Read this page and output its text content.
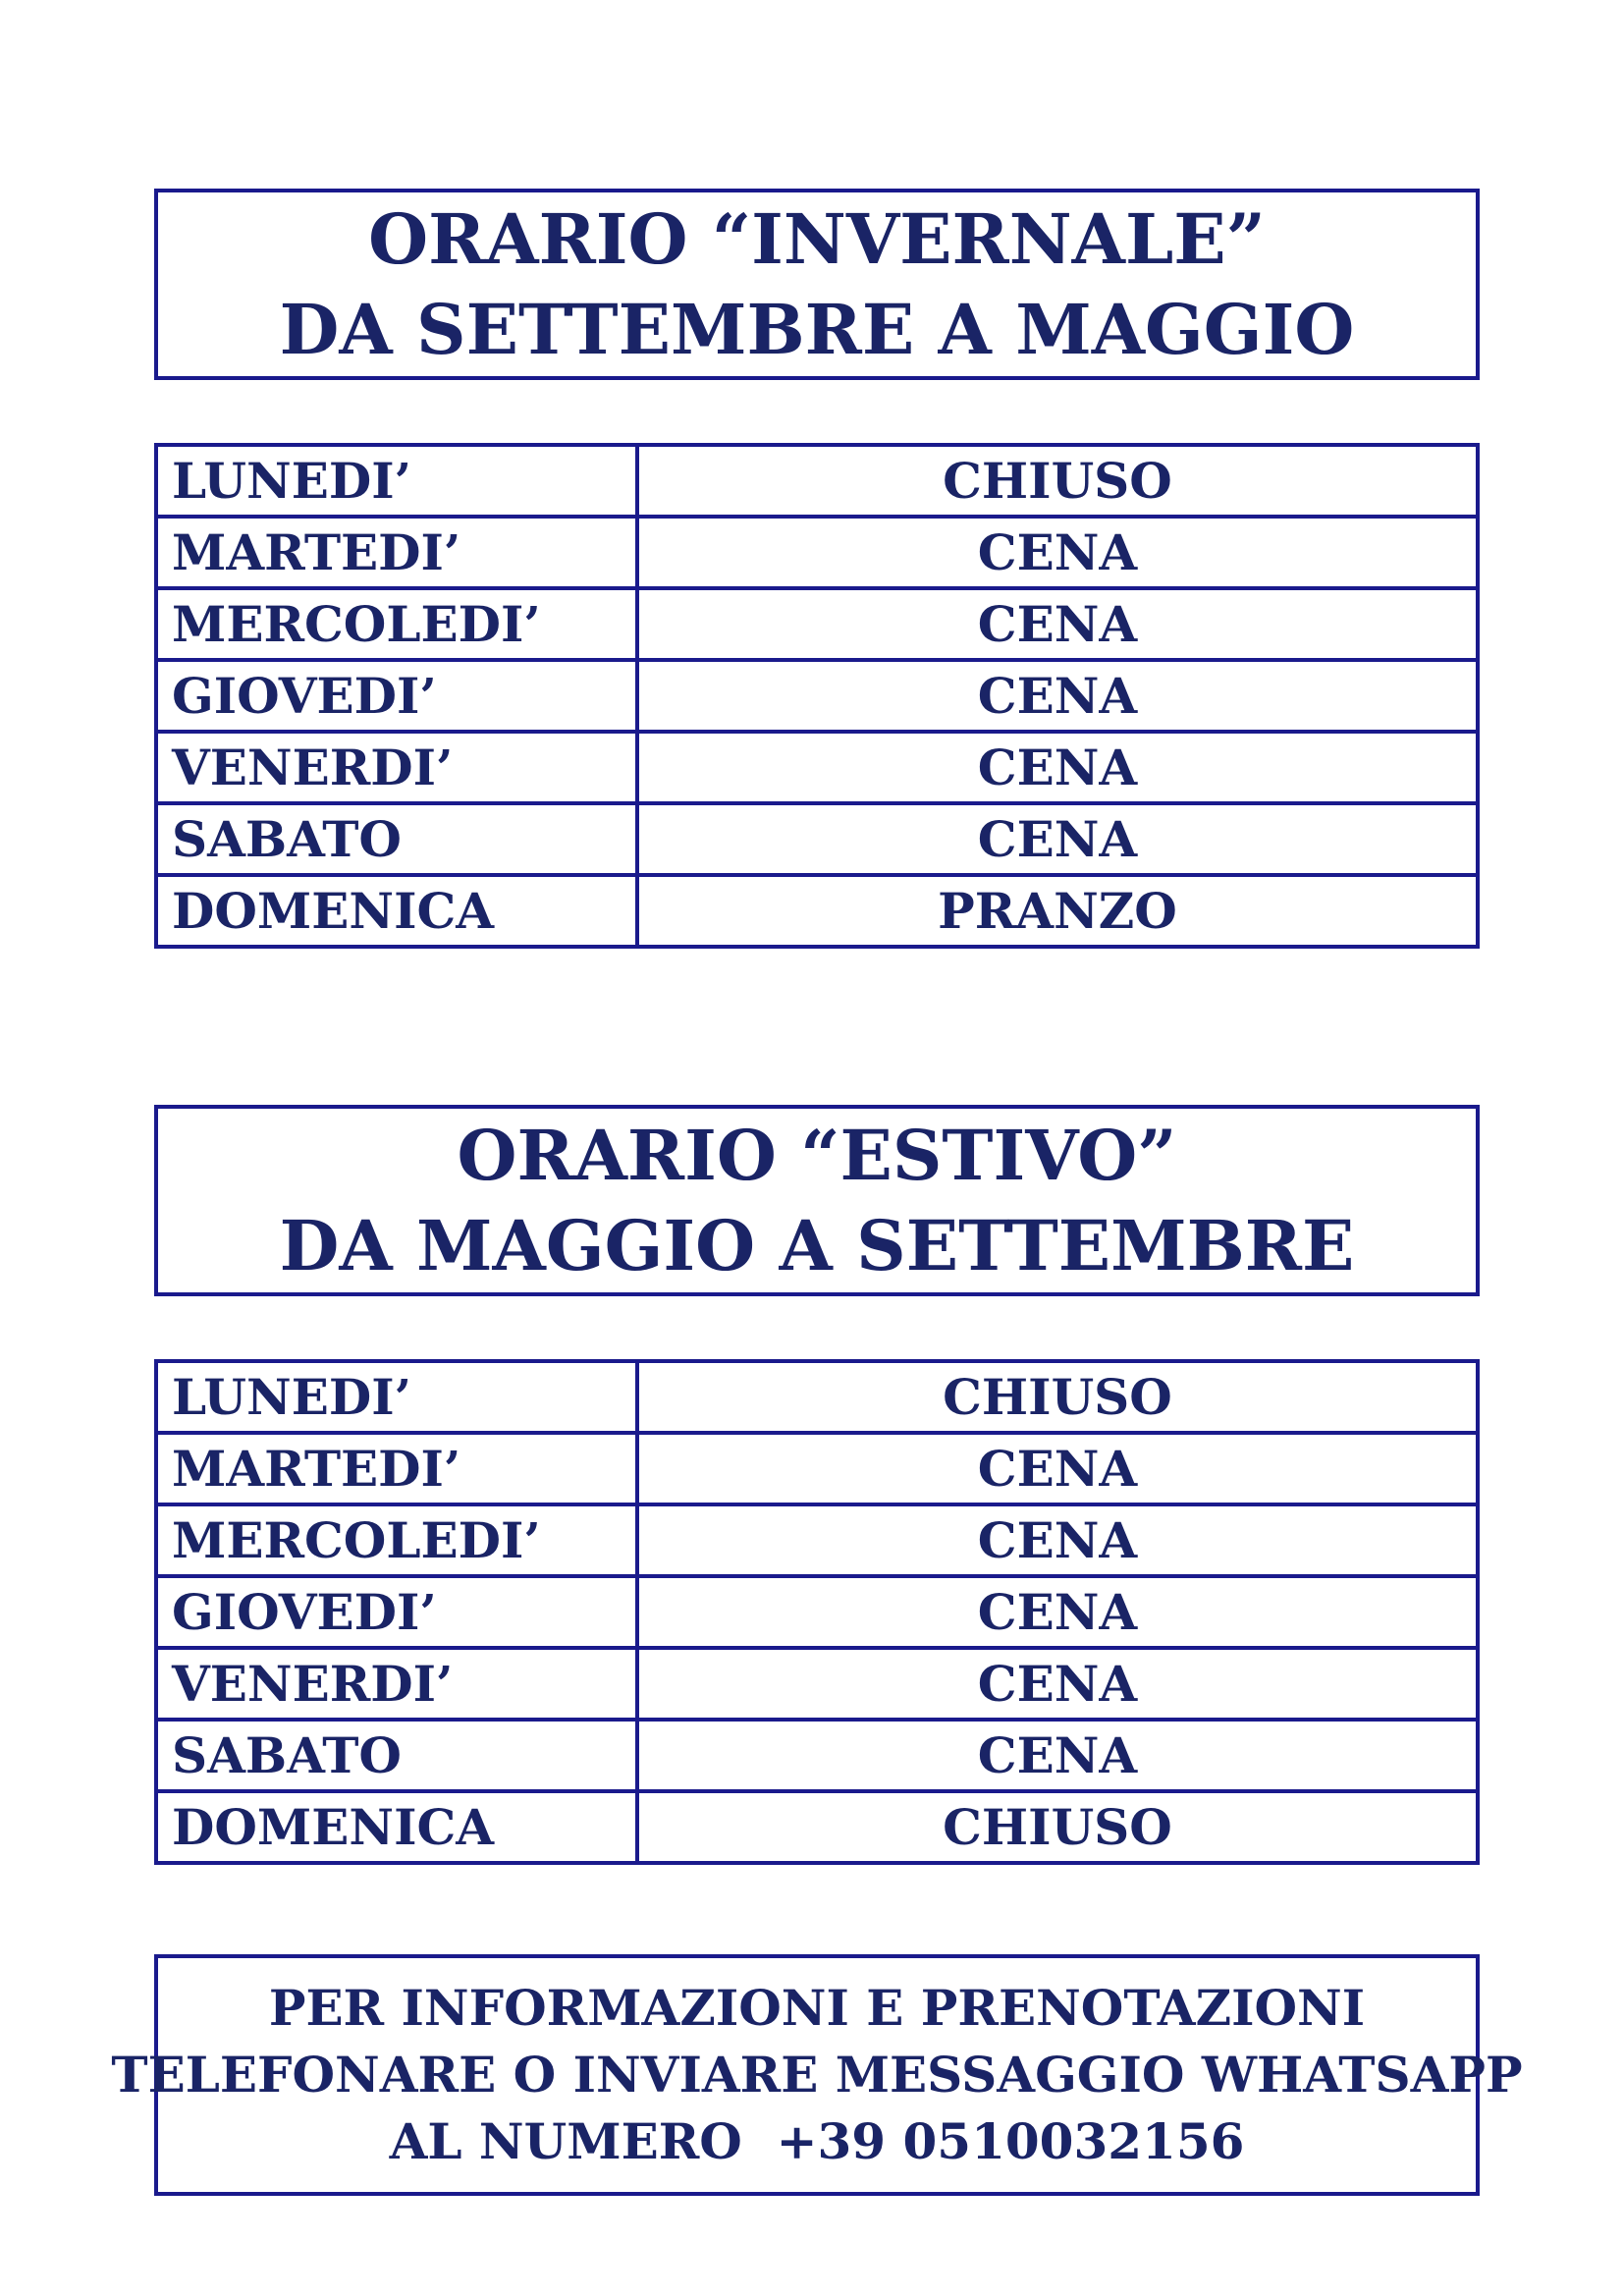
ORARIO “INVERNALE”
DA SETTEMBRE A MAGGIO
LUNEDI’	CHIUSO
MARTEDI’	CENA
MERCOLEDI’	CENA
GIOVEDI’	CENA
VENERDI’	CENA
SABATO	CENA
DOMENICA	PRANZO
ORARIO “ESTIVO”
DA MAGGIO A SETTEMBRE
LUNEDI’	CHIUSO
MARTEDI’	CENA
MERCOLEDI’	CENA
GIOVEDI’	CENA
VENERDI’	CENA
SABATO	CENA
DOMENICA	CHIUSO
PER INFORMAZIONI E PRENOTAZIONI
TELEFONARE O INVIARE MESSAGGIO WHATSAPP
AL NUMERO  +39 0510032156
